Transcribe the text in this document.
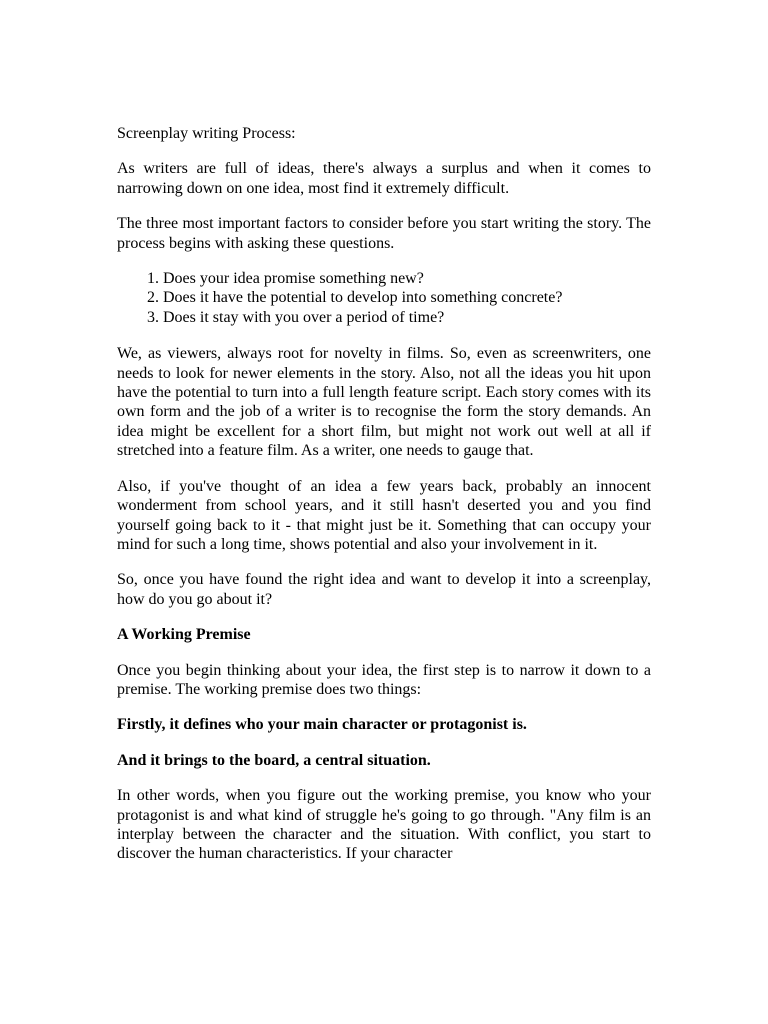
Screenplay writing Process:

As writers are full of ideas, there's always a surplus and when it comes to narrowing down on one idea, most find it extremely difficult.

The three most important factors to consider before you start writing the story. The process begins with asking these questions.

1. Does your idea promise something new?
2. Does it have the potential to develop into something concrete?
3. Does it stay with you over a period of time?

We, as viewers, always root for novelty in films. So, even as screenwriters, one needs to look for newer elements in the story. Also, not all the ideas you hit upon have the potential to turn into a full length feature script. Each story comes with its own form and the job of a writer is to recognise the form the story demands. An idea might be excellent for a short film, but might not work out well at all if stretched into a feature film. As a writer, one needs to gauge that.

Also, if you've thought of an idea a few years back, probably an innocent wonderment from school years, and it still hasn't deserted you and you find yourself going back to it - that might just be it. Something that can occupy your mind for such a long time, shows potential and also your involvement in it.

So, once you have found the right idea and want to develop it into a screenplay, how do you go about it?

A Working Premise

Once you begin thinking about your idea, the first step is to narrow it down to a premise. The working premise does two things:

Firstly, it defines who your main character or protagonist is.

And it brings to the board, a central situation.

In other words, when you figure out the working premise, you know who your protagonist is and what kind of struggle he's going to go through. "Any film is an interplay between the character and the situation. With conflict, you start to discover the human characteristics. If your character
